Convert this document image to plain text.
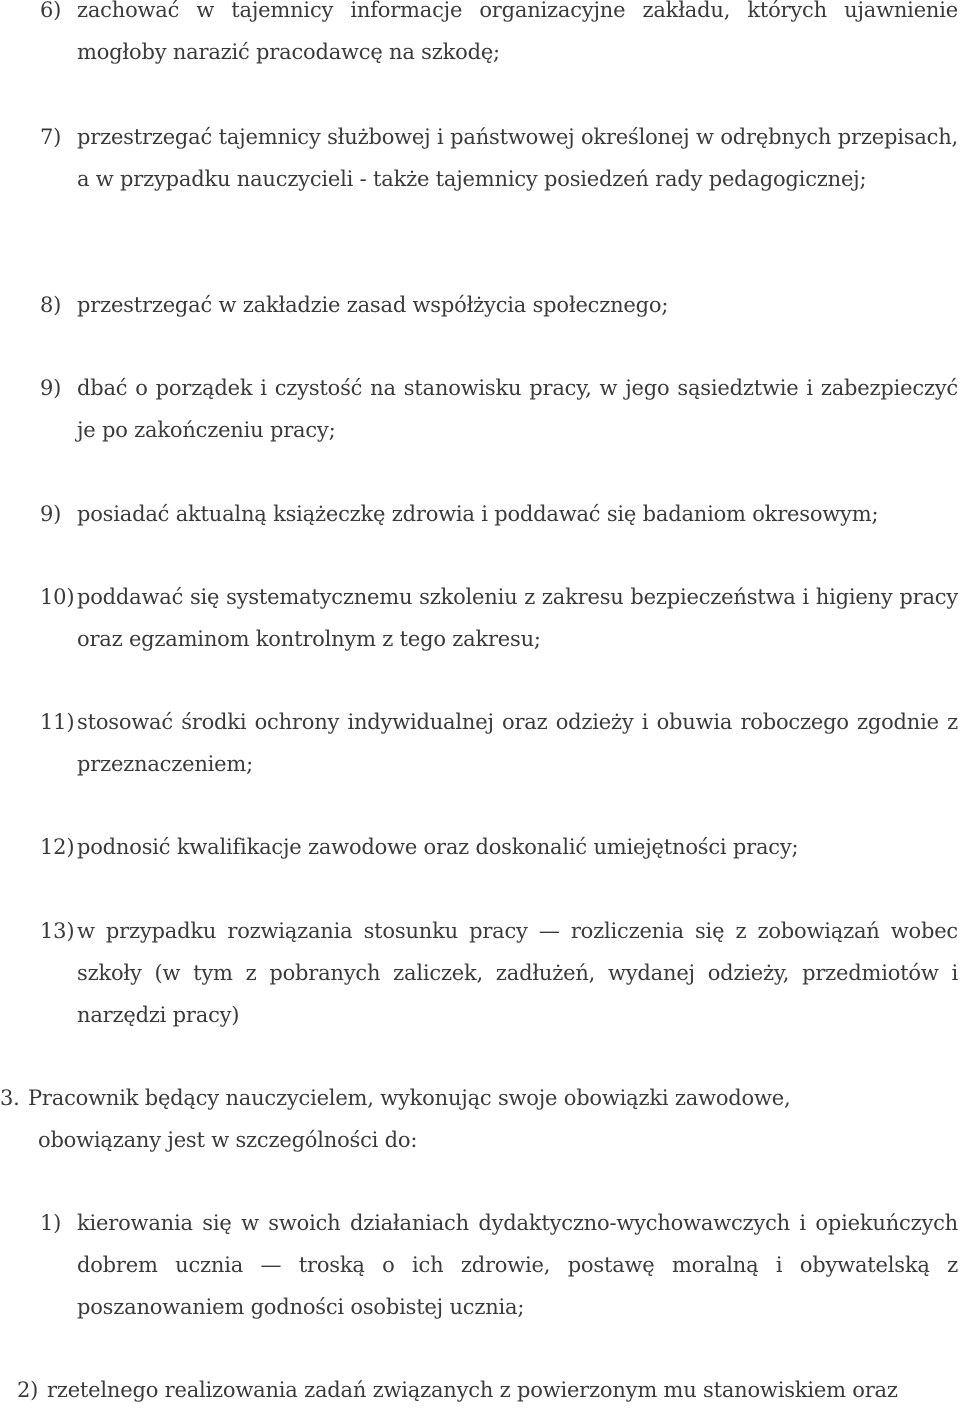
6) zachować w tajemnicy informacje organizacyjne zakładu, których ujawnienie mogłoby narazić pracodawcę na szkodę;
7) przestrzegać tajemnicy służbowej i państwowej określonej w odrębnych przepisach, a w przypadku nauczycieli - także tajemnicy posiedzeń rady pedagogicznej;
8) przestrzegać w zakładzie zasad współżycia społecznego;
9) dbać o porządek i czystość na stanowisku pracy, w jego sąsiedztwie i zabezpieczyć je po zakończeniu pracy;
9) posiadać aktualną książeczkę zdrowia i poddawać się badaniom okresowym;
10) poddawać się systematycznemu szkoleniu z zakresu bezpieczeństwa i higieny pracy oraz egzaminom kontrolnym z tego zakresu;
11) stosować środki ochrony indywidualnej oraz odzieży i obuwia roboczego zgodnie z przeznaczeniem;
12) podnosić kwalifikacje zawodowe oraz doskonalić umiejętności pracy;
13) w przypadku rozwiązania stosunku pracy — rozliczenia się z zobowiązań wobec szkoły (w tym z pobranych zaliczek, zadłużeń, wydanej odzieży, przedmiotów i narzędzi pracy)
3. Pracownik będący nauczycielem, wykonując swoje obowiązki zawodowe,
obowiązany jest w szczególności do:
1) kierowania się w swoich działaniach dydaktyczno-wychowawczych i opiekuńczych dobrem ucznia — troską o ich zdrowie, postawę moralną i obywatelską z poszanowaniem godności osobistej ucznia;
2) rzetelnego realizowania zadań związanych z powierzonym mu stanowiskiem oraz
